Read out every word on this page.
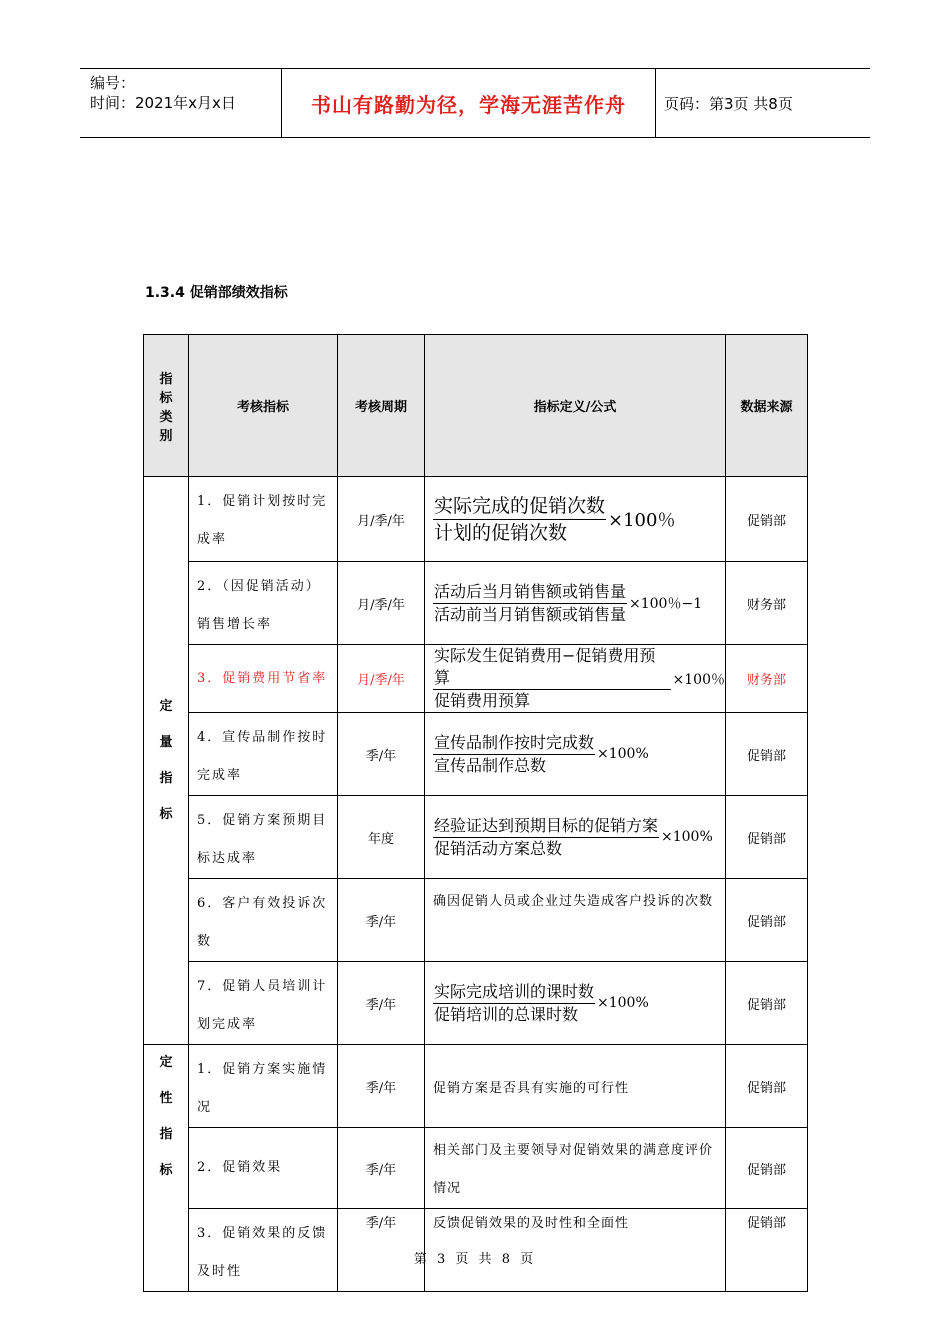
编号：
时间：2021年x月x日	书山有路勤为径，学海无涯苦作舟	页码：第3页 共8页
1.3.4 促销部绩效指标
指
标
类
别	考核指标	考核周期	指标定义/公式	数据来源

定
量
指
标	1．促销计划按时完成率	月/季/年	$\frac{\text{实际完成的促销次数}}{\text{计划的促销次数}} \times 100$％	促销部
	2．（因促销活动）销售增长率	月/季/年	$\frac{\text{活动后当月销售额或销售量}}{\text{活动前当月销售额或销售量}} \times 100$％−1	财务部
	3．促销费用节省率	月/季/年	$\frac{\text{实际发生促销费用−促销费用预算}}{\text{促销费用预算}} \times 100$％	财务部
	4．宣传品制作按时完成率	季/年	$\frac{\text{宣传品制作按时完成数}}{\text{宣传品制作总数}} \times 100\%$	促销部
	5．促销方案预期目标达成率	年度	$\frac{\text{经验证达到预期目标的促销方案}}{\text{促销活动方案总数}} \times 100\%$	促销部
	6．客户有效投诉次数	季/年	确因促销人员或企业过失造成客户投诉的次数	促销部
	7．促销人员培训计划完成率	季/年	$\frac{\text{实际完成培训的课时数}}{\text{促销培训的总课时数}} \times 100\%$	促销部

定
性
指
标	1．促销方案实施情况	季/年	促销方案是否具有实施的可行性	促销部
	2．促销效果	季/年	相关部门及主要领导对促销效果的满意度评价情况	促销部
	3．促销效果的反馈及时性	季/年	反馈促销效果的及时性和全面性	促销部
第 3 页 共 8 页
